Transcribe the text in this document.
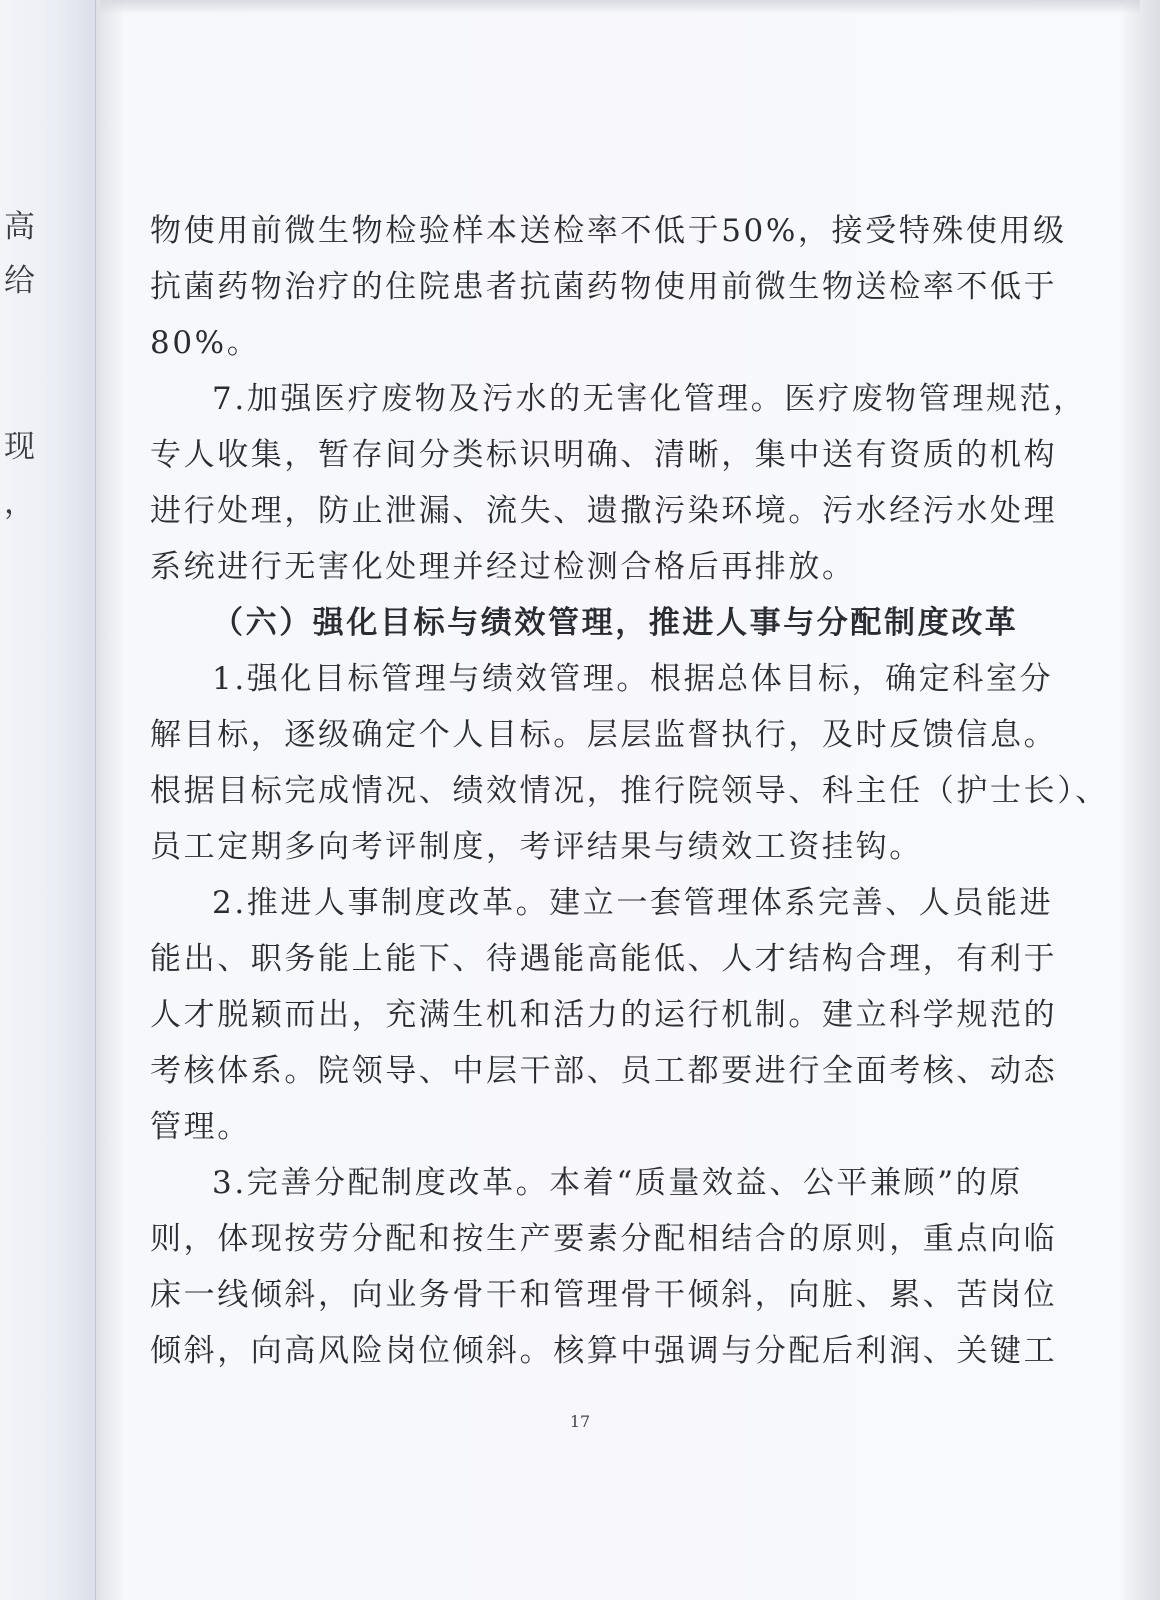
高
给
现
，
物使用前微生物检验样本送检率不低于50%，接受特殊使用级
抗菌药物治疗的住院患者抗菌药物使用前微生物送检率不低于
80%。
7.加强医疗废物及污水的无害化管理。医疗废物管理规范，
专人收集，暂存间分类标识明确、清晰，集中送有资质的机构
进行处理，防止泄漏、流失、遗撒污染环境。污水经污水处理
系统进行无害化处理并经过检测合格后再排放。
（六）强化目标与绩效管理，推进人事与分配制度改革
1.强化目标管理与绩效管理。根据总体目标，确定科室分
解目标，逐级确定个人目标。层层监督执行，及时反馈信息。
根据目标完成情况、绩效情况，推行院领导、科主任（护士长）、
员工定期多向考评制度，考评结果与绩效工资挂钩。
2.推进人事制度改革。建立一套管理体系完善、人员能进
能出、职务能上能下、待遇能高能低、人才结构合理，有利于
人才脱颖而出，充满生机和活力的运行机制。建立科学规范的
考核体系。院领导、中层干部、员工都要进行全面考核、动态
管理。
3.完善分配制度改革。本着“质量效益、公平兼顾”的原
则，体现按劳分配和按生产要素分配相结合的原则，重点向临
床一线倾斜，向业务骨干和管理骨干倾斜，向脏、累、苦岗位
倾斜，向高风险岗位倾斜。核算中强调与分配后利润、关键工
17
